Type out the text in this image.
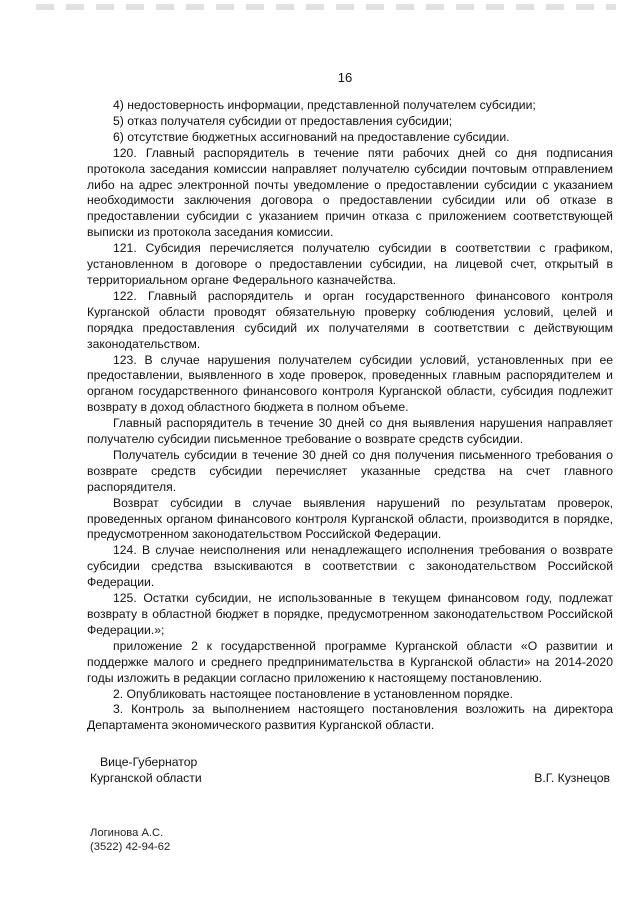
16

4) недостоверность информации, представленной получателем субсидии;

5) отказ получателя субсидии от предоставления субсидии;

6) отсутствие бюджетных ассигнований на предоставление субсидии.

120. Главный распорядитель в течение пяти рабочих дней со дня подписания протокола заседания комиссии направляет получателю субсидии почтовым отправлением либо на адрес электронной почты уведомление о предоставлении субсидии с указанием необходимости заключения договора о предоставлении субсидии или об отказе в предоставлении субсидии с указанием причин отказа с приложением соответствующей выписки из протокола заседания комиссии.

121. Субсидия перечисляется получателю субсидии в соответствии с графиком, установленном в договоре о предоставлении субсидии, на лицевой счет, открытый в территориальном органе Федерального казначейства.

122. Главный распорядитель и орган государственного финансового контроля Курганской области проводят обязательную проверку соблюдения условий, целей и порядка предоставления субсидий их получателями в соответствии с действующим законодательством.

123. В случае нарушения получателем субсидии условий, установленных при ее предоставлении, выявленного в ходе проверок, проведенных главным распорядителем и органом государственного финансового контроля Курганской области, субсидия подлежит возврату в доход областного бюджета в полном объеме.

Главный распорядитель в течение 30 дней со дня выявления нарушения направляет получателю субсидии письменное требование о возврате средств субсидии.

Получатель субсидии в течение 30 дней со дня получения письменного требования о возврате средств субсидии перечисляет указанные средства на счет главного распорядителя.

Возврат субсидии в случае выявления нарушений по результатам проверок, проведенных органом финансового контроля Курганской области, производится в порядке, предусмотренном законодательством Российской Федерации.

124. В случае неисполнения или ненадлежащего исполнения требования о возврате субсидии средства взыскиваются в соответствии с законодательством Российской Федерации.

125. Остатки субсидии, не использованные в текущем финансовом году, подлежат возврату в областной бюджет в порядке, предусмотренном законодательством Российской Федерации.»;

приложение 2 к государственной программе Курганской области «О развитии и поддержке малого и среднего предпринимательства в Курганской области» на 2014-2020 годы изложить в редакции согласно приложению к настоящему постановлению.

2. Опубликовать настоящее постановление в установленном порядке.

3. Контроль за выполнением настоящего постановления возложить на директора Департамента экономического развития Курганской области.

Вице-Губернатор
Курганской области	В.Г. Кузнецов
Логинова А.С.
(3522) 42-94-62
